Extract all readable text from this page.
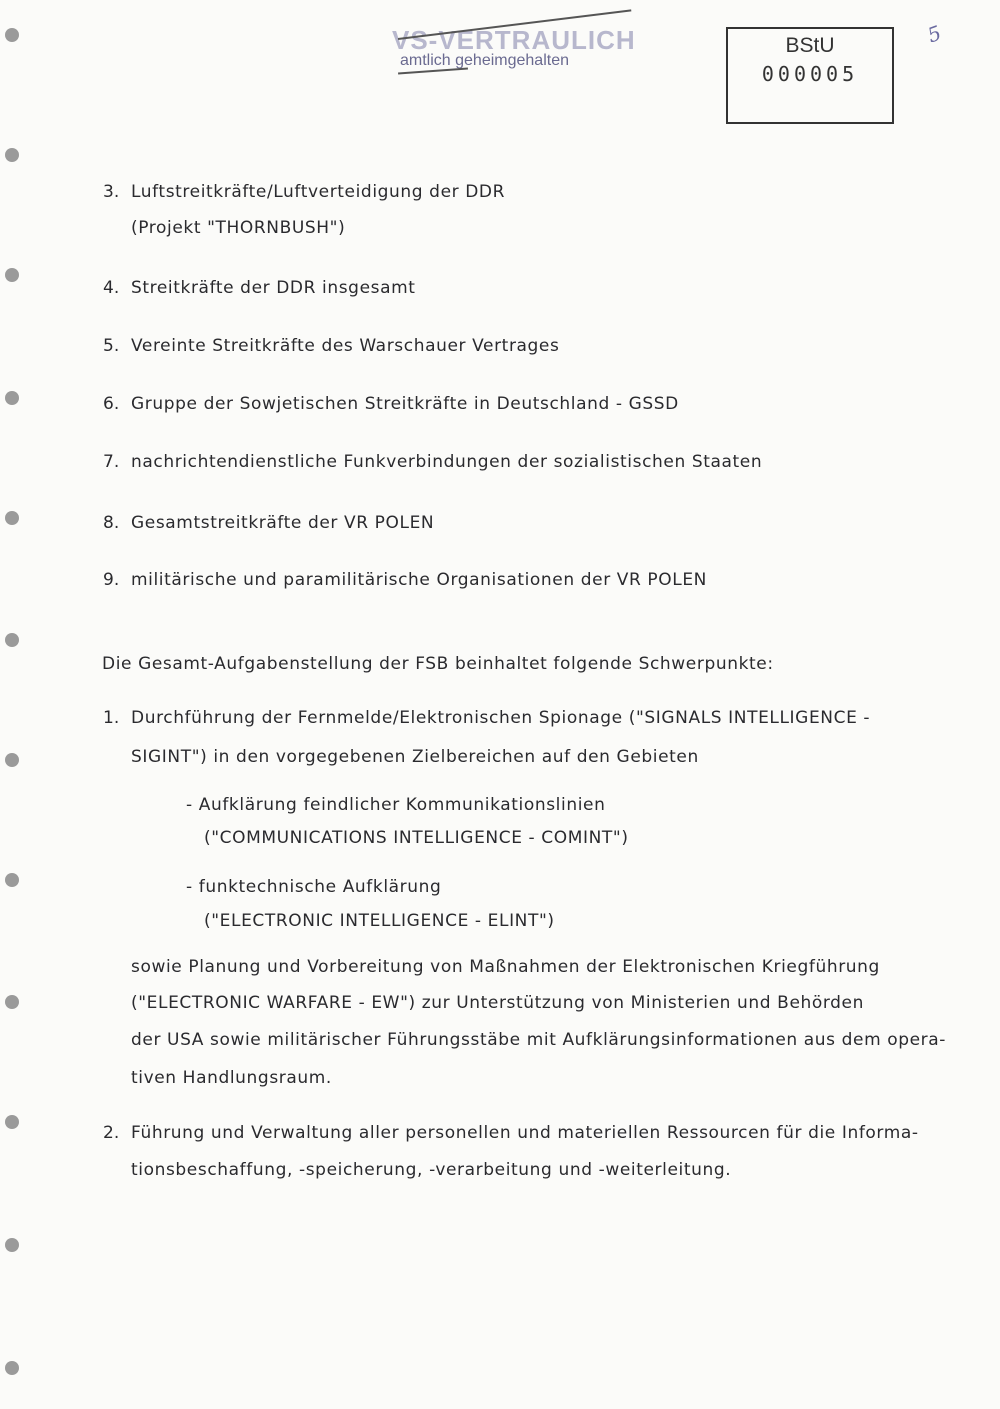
VS-VERTRAULICH
amtlich geheimgehalten
BStU
000005
5
3. Luftstreitkräfte/Luftverteidigung der DDR
(Projekt "THORNBUSH")
4. Streitkräfte der DDR insgesamt
5. Vereinte Streitkräfte des Warschauer Vertrages
6. Gruppe der Sowjetischen Streitkräfte in Deutschland - GSSD
7. nachrichtendienstliche Funkverbindungen der sozialistischen Staaten
8. Gesamtstreitkräfte der VR POLEN
9. militärische und paramilitärische Organisationen der VR POLEN
Die Gesamt-Aufgabenstellung der FSB beinhaltet folgende Schwerpunkte:
1. Durchführung der Fernmelde/Elektronischen Spionage ("SIGNALS INTELLIGENCE -
SIGINT") in den vorgegebenen Zielbereichen auf den Gebieten
- Aufklärung feindlicher Kommunikationslinien
("COMMUNICATIONS INTELLIGENCE - COMINT")
- funktechnische Aufklärung
("ELECTRONIC INTELLIGENCE - ELINT")
sowie Planung und Vorbereitung von Maßnahmen der Elektronischen Kriegführung
("ELECTRONIC WARFARE - EW") zur Unterstützung von Ministerien und Behörden
der USA sowie militärischer Führungsstäbe mit Aufklärungsinformationen aus dem opera-
tiven Handlungsraum.
2. Führung und Verwaltung aller personellen und materiellen Ressourcen für die Informa-
tionsbeschaffung, -speicherung, -verarbeitung und -weiterleitung.
